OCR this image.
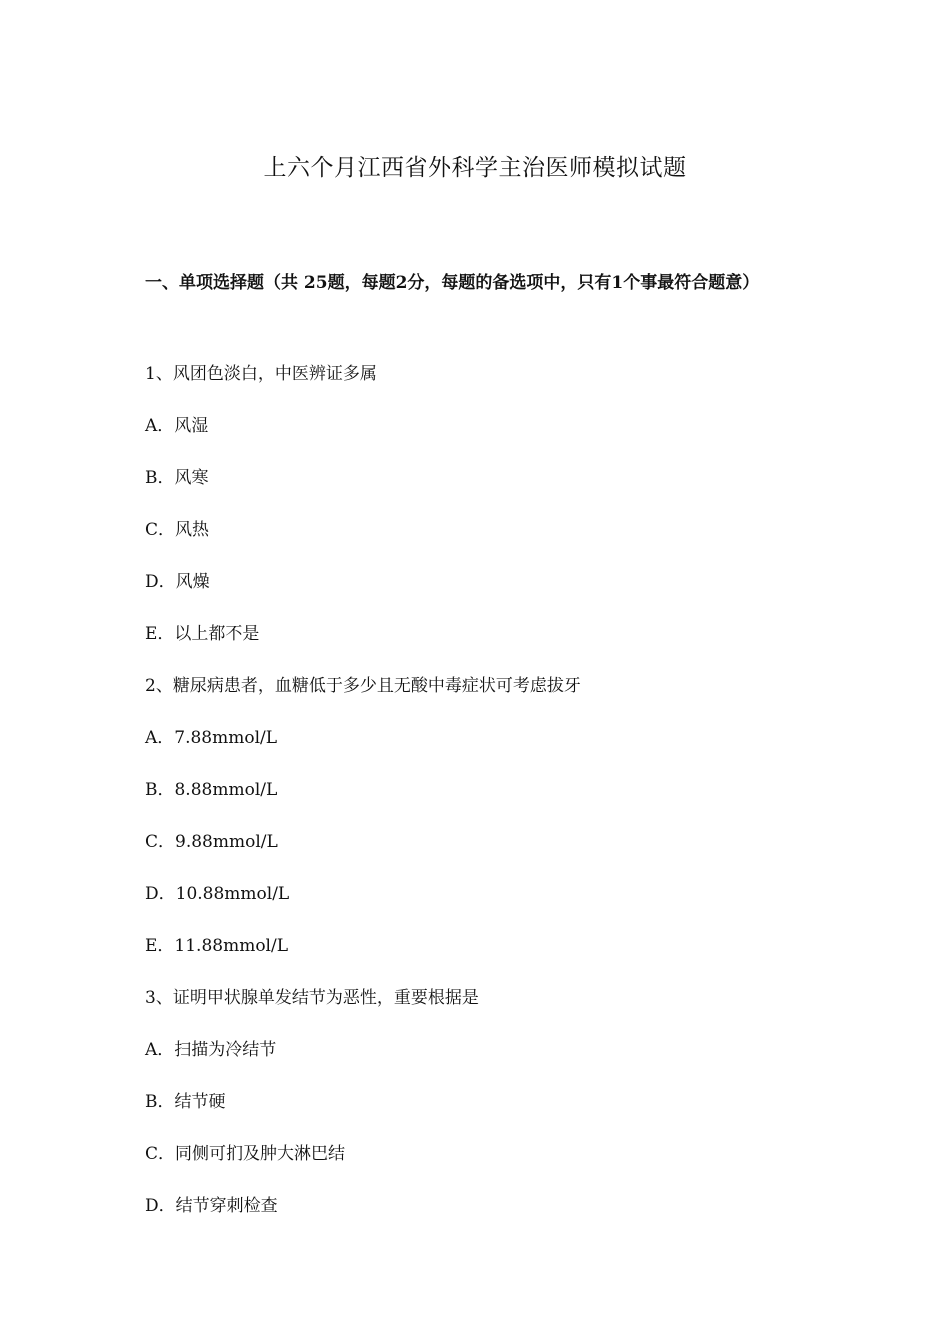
上六个月江西省外科学主治医师模拟试题

一、单项选择题（共 25题，每题2分，每题的备选项中，只有1个事最符合题意）

1、风团色淡白，中医辨证多属
A．风湿
B．风寒
C．风热
D．风燥
E．以上都不是
2、糖尿病患者，血糖低于多少且无酸中毒症状可考虑拔牙
A．7.88mmol/L
B．8.88mmol/L
C．9.88mmol/L
D．10.88mmol/L
E．11.88mmol/L
3、证明甲状腺单发结节为恶性，重要根据是
A．扫描为冷结节
B．结节硬
C．同侧可扪及肿大淋巴结
D．结节穿刺检查
